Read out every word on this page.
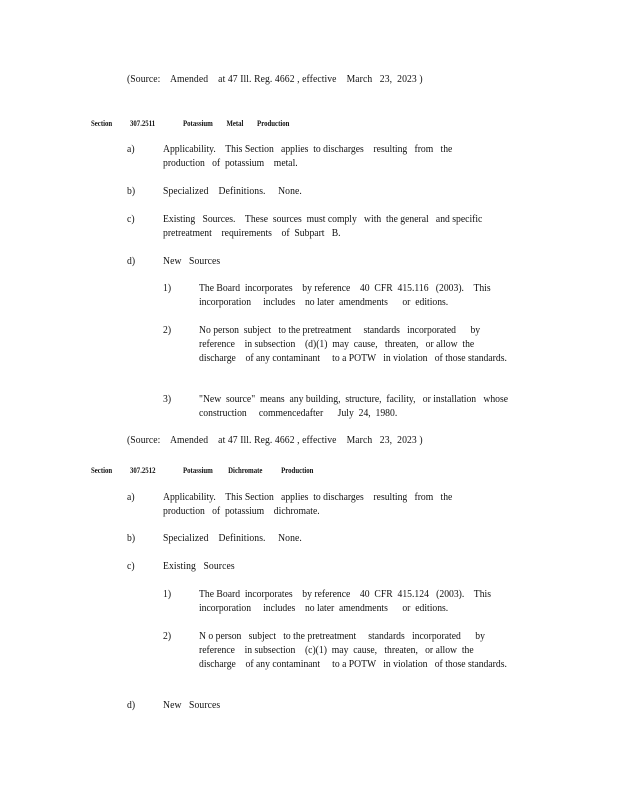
(Source:    Amended    at 47 Ill. Reg. 4662 , effective    March   23,  2023 )
Section 307.2511	Potassium        Metal        Production
a)	Applicability.    This Section   applies  to discharges    resulting   from   the production   of  potassium    metal.
b)	Specialized    Definitions.     None.
c)	Existing   Sources.    These  sources  must comply   with  the general   and specific   pretreatment    requirements    of  Subpart   B.
d)	New   Sources
1)	The Board  incorporates    by reference    40  CFR  415.116   (2003).    This incorporation     includes    no later  amendments      or  editions.
2)	No person  subject   to the pretreatment     standards   incorporated      by reference    in subsection    (d)(1)  may  cause,   threaten,   or allow  the discharge    of any contaminant     to a POTW   in violation   of those standards.
3)	"New  source"  means  any building,  structure,  facility,   or installation   whose  construction     commencedafter      July  24,  1980.
(Source:    Amended    at 47 Ill. Reg. 4662 , effective    March   23,  2023 )
Section 307.2512	Potassium         Dichromate           Production
a)	Applicability.    This Section   applies  to discharges    resulting   from   the production   of  potassium    dichromate.
b)	Specialized    Definitions.     None.
c)	Existing   Sources
1)	The Board  incorporates    by reference    40  CFR  415.124   (2003).    This incorporation     includes    no later  amendments      or  editions.
2)	N o person   subject   to the pretreatment     standards   incorporated      by reference    in subsection    (c)(1)  may  cause,   threaten,   or allow  the discharge    of any contaminant     to a POTW   in violation   of those standards.
d)	New   Sources
